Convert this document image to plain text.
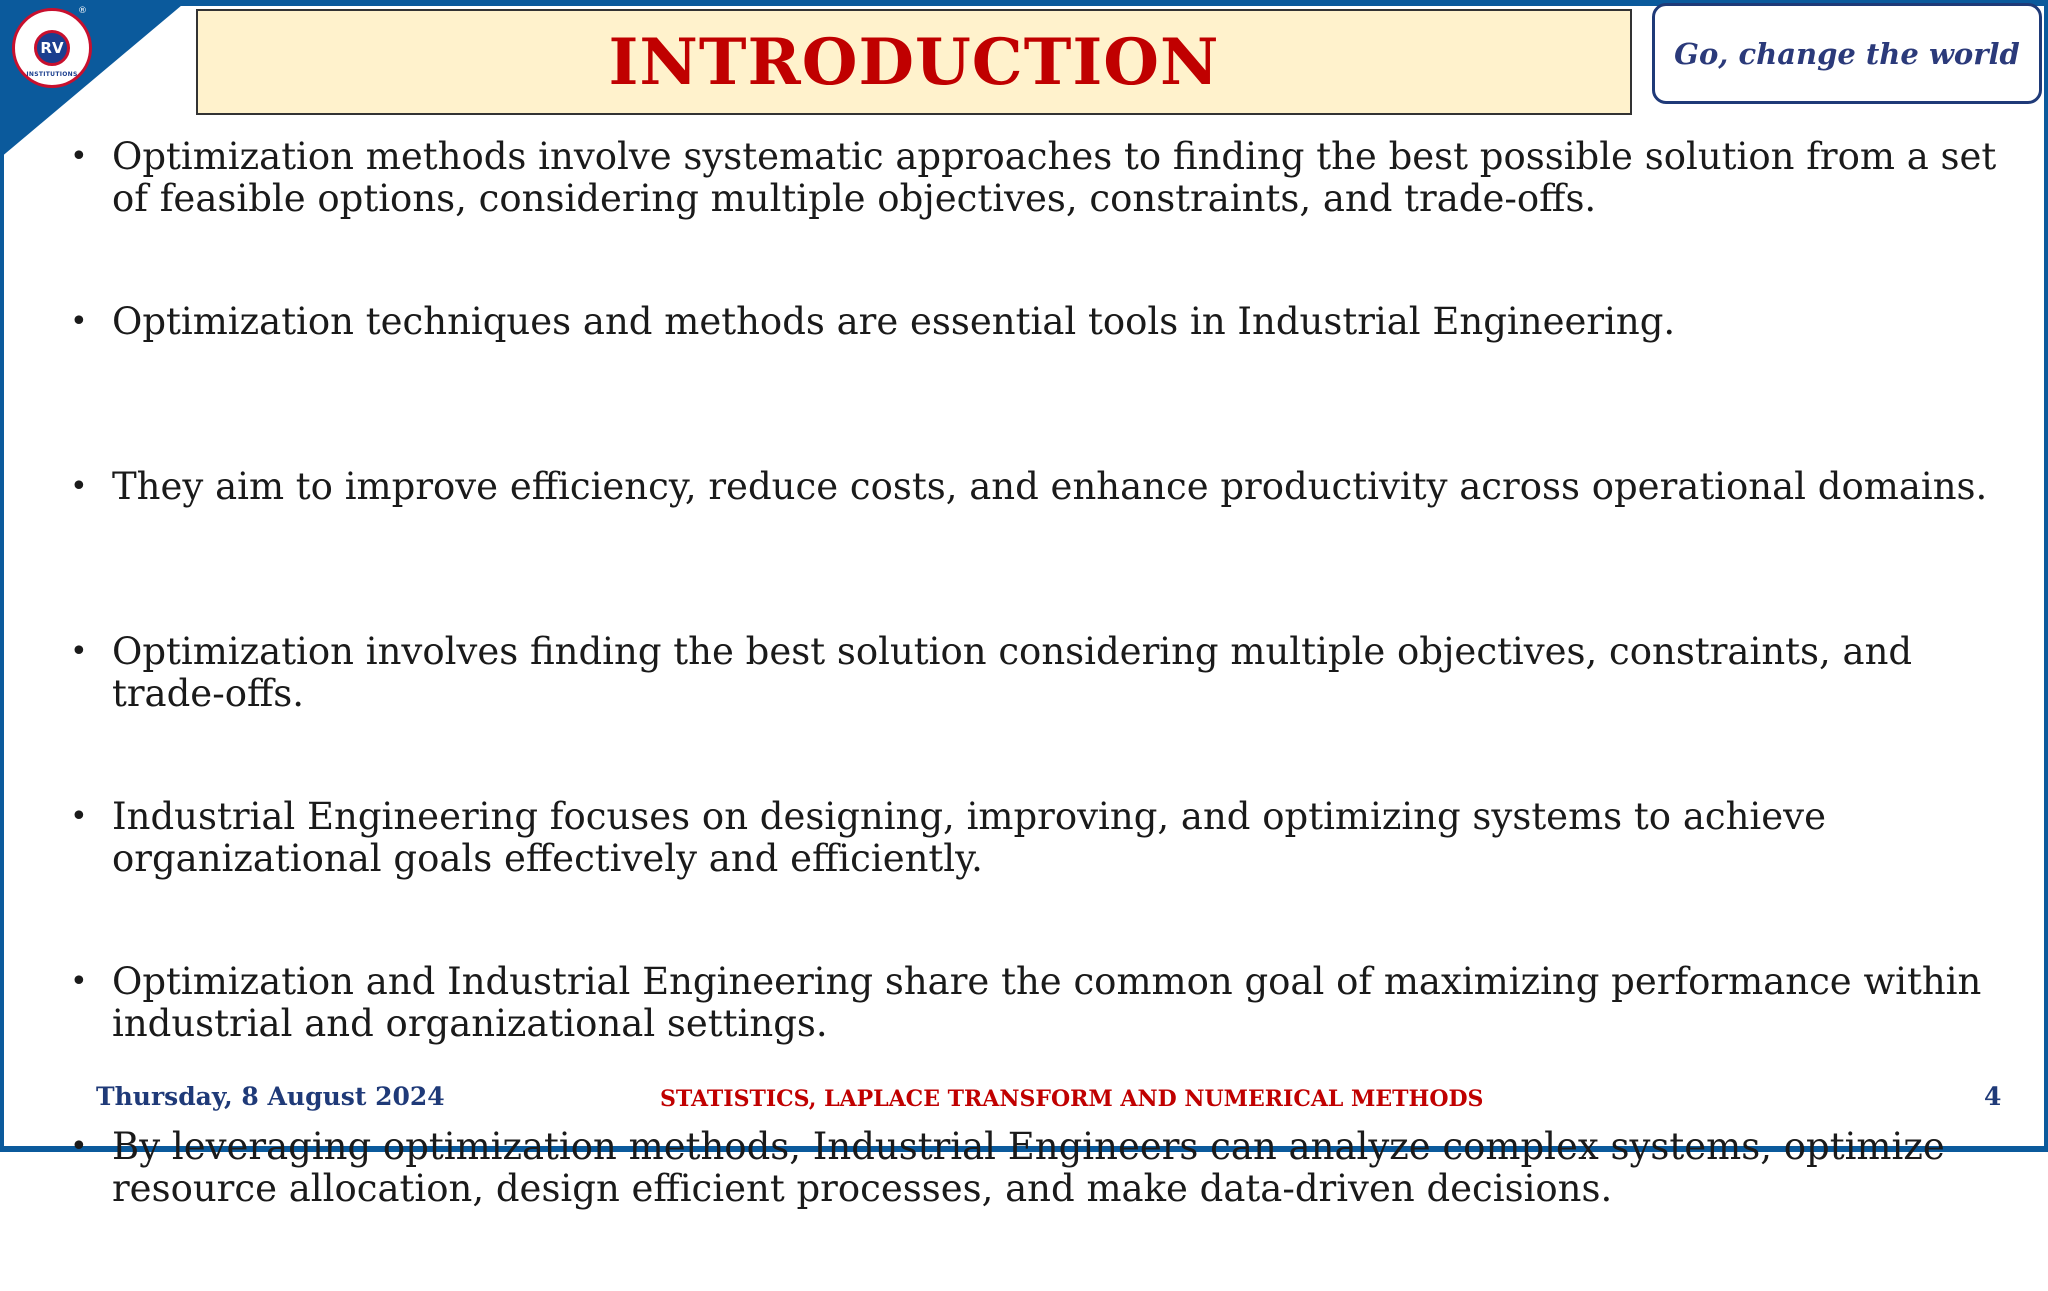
RV
INSTITUTIONS
®
INTRODUCTION	Go, change the world
• Optimization methods involve systematic approaches to finding the best possible solution from a set of feasible options, considering multiple objectives, constraints, and trade-offs.
• Optimization techniques and methods are essential tools in Industrial Engineering.
• They aim to improve efficiency, reduce costs, and enhance productivity across operational domains.
• Optimization involves finding the best solution considering multiple objectives, constraints, and trade-offs.
• Industrial Engineering focuses on designing, improving, and optimizing systems to achieve organizational goals effectively and efficiently.
• Optimization and Industrial Engineering share the common goal of maximizing performance within industrial and organizational settings.
• By leveraging optimization methods, Industrial Engineers can analyze complex systems, optimize resource allocation, design efficient processes, and make data-driven decisions.
Thursday, 8 August 2024	STATISTICS, LAPLACE TRANSFORM AND NUMERICAL METHODS	4
